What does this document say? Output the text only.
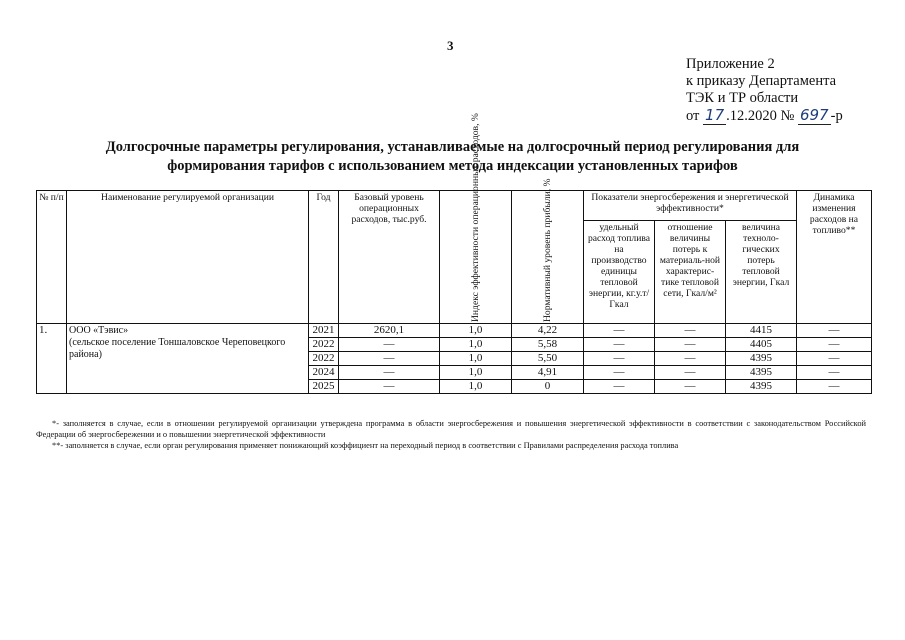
3
Приложение 2
к приказу Департамента
ТЭК и ТР области
от 17 .12.2020 № 697 -р
Долгосрочные параметры регулирования, устанавливаемые на долгосрочный период регулирования для
формирования тарифов с использованием метода индексации установленных тарифов
№ п/п	Наименование регулируемой организации	Год	Базовый уровень операционных расходов, тыс.руб.	Индекс эффективности операционных расходов, %	Нормативный уровень прибыли, %	Показатели энергосбережения и энергетической эффективности*			Динамика изменения расходов на топливо**
						удельный расход топлива на производство единицы тепловой энергии, кг.у.т/Гкал	отношение величины потерь к материаль-ной характерис-тике тепловой сети, Гкал/м²	величина техноло-гических потерь тепловой энергии, Гкал	
1.	ООО «Тэвис»
(сельское поселение Тоншаловское Череповецкого района)	2021	2620,1	1,0	4,22	—	—	4415	—
		2022	—	1,0	5,58	—	—	4405	—
		2022	—	1,0	5,50	—	—	4395	—
		2024	—	1,0	4,91	—	—	4395	—
		2025	—	1,0	0	—	—	4395	—

*- заполняется в случае, если в отношении регулируемой организации утверждена программа в области энергосбережения и повышения энергетической эффективности в соответствии с законодательством Российской Федерации об энергосбережении и о повышении энергетической эффективности

**- заполняется в случае, если орган регулирования применяет понижающий коэффициент на переходный период в соответствии с Правилами распределения расхода топлива
